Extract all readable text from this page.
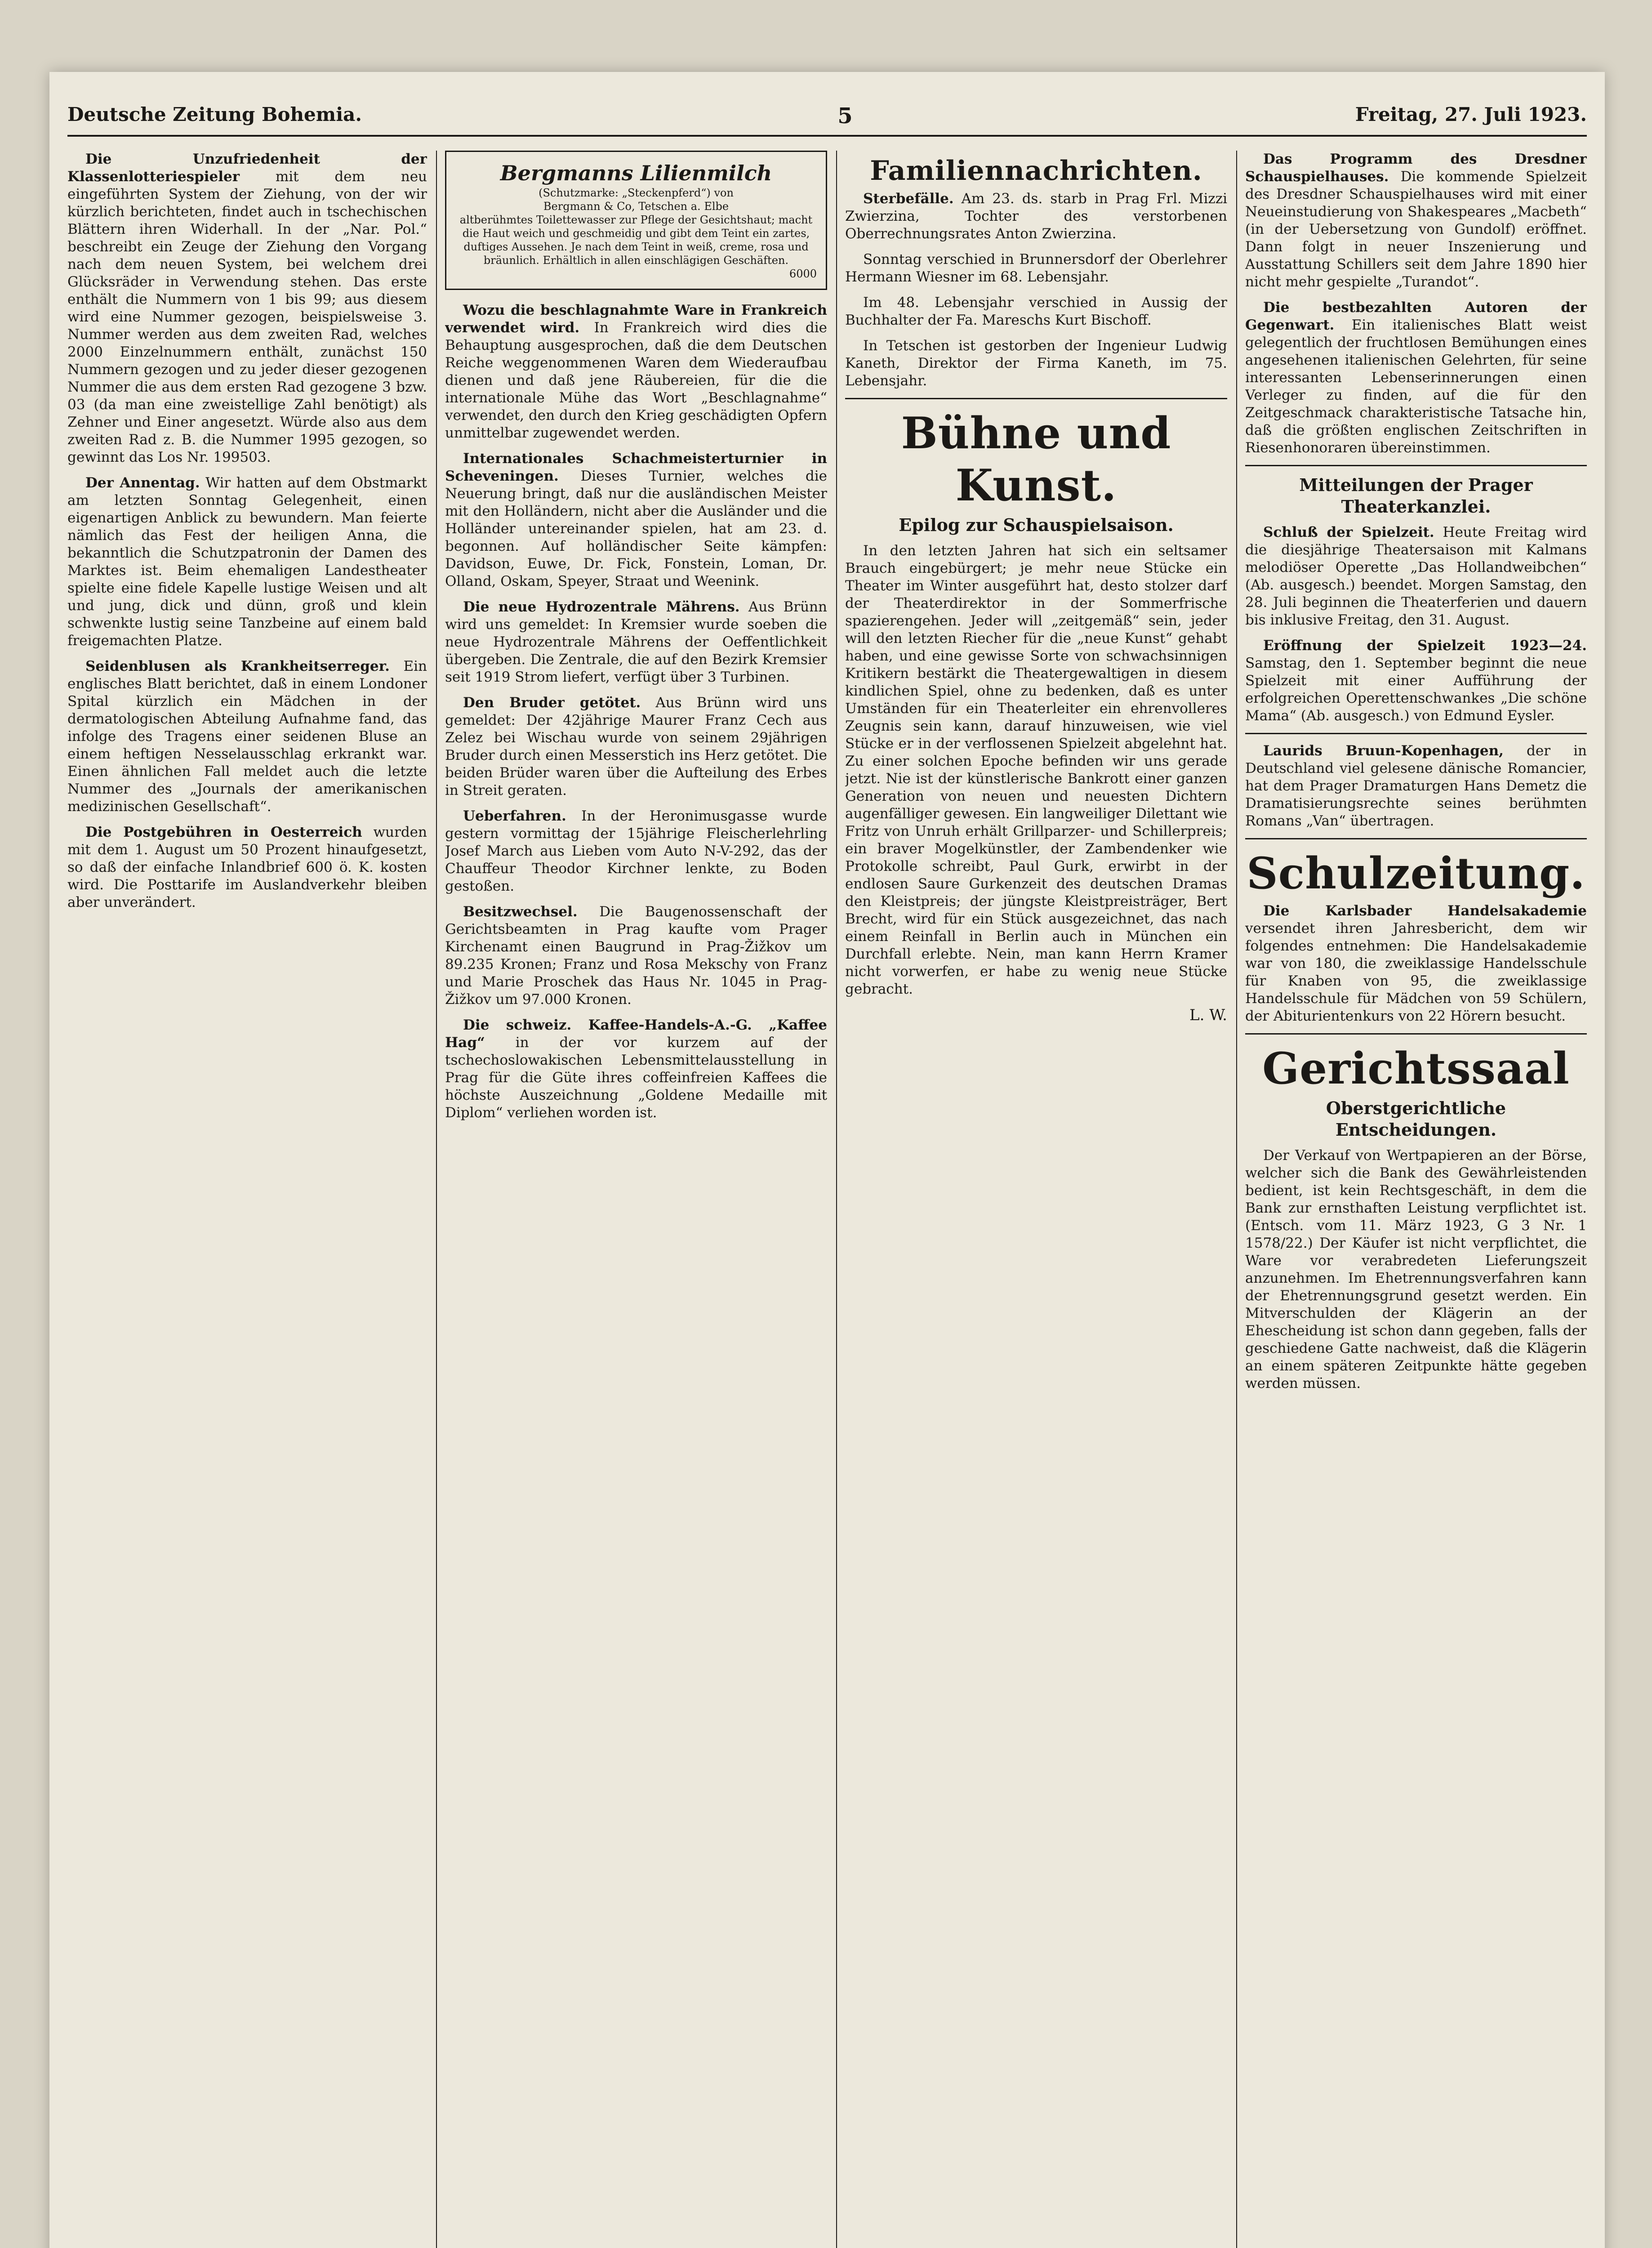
Deutsche Zeitung Bohemia.	5	Freitag, 27. Juli 1923.

Die Unzufriedenheit der Klassenlotteriespieler	mit dem neu eingeführten System der Ziehung, von der wir kürzlich berichteten, findet auch in tschechischen Blättern ihren Widerhall. In der „Nar. Pol.“ beschreibt ein Zeuge der Ziehung den Vorgang nach dem neuen System, bei welchem drei Glücksräder in Verwendung stehen. Das erste enthält die Nummern von 1 bis 99; aus diesem wird eine Nummer gezogen, beispielsweise 3. Nummer werden aus dem zweiten Rad, welches 2000 Einzelnummern enthält, zunächst 150 Nummern gezogen und zu jeder dieser gezogenen Nummer die aus dem ersten Rad gezogene 3 bzw. 03 (da man eine zweistellige Zahl benötigt) als Zehner und Einer angesetzt. Würde also aus dem zweiten Rad z. B. die Nummer 1995 gezogen, so gewinnt das Los Nr. 199503.

Der Annentag. Wir hatten auf dem Obstmarkt am letzten Sonntag Gelegenheit, einen eigenartigen Anblick zu bewundern. Man feierte nämlich das Fest der heiligen Anna, die bekanntlich die Schutzpatronin der Damen des Marktes ist. Beim ehemaligen Landestheater spielte eine fidele Kapelle lustige Weisen und alt und jung, dick und dünn, groß und klein schwenkte lustig seine Tanzbeine auf einem bald freigemachten Platze.

Seidenblusen als Krankheitserreger. Ein englisches Blatt berichtet, daß in einem Londoner Spital kürzlich ein Mädchen in der dermatologischen Abteilung Aufnahme fand, das infolge des Tragens einer seidenen Bluse an einem heftigen Nesselausschlag erkrankt war. Einen ähnlichen Fall meldet auch die letzte Nummer des „Journals der amerikanischen medizinischen Gesellschaft“.

Die Postgebühren in Oesterreich wurden mit dem 1. August um 50 Prozent hinaufgesetzt, so daß der einfache Inlandbrief 600 ö. K. kosten wird. Die Posttarife im Auslandverkehr bleiben aber unverändert.

Bergmanns Lilienmilch
(Schutzmarke: „Steckenpferd“) von
Bergmann & Co, Tetschen a. Elbe
altberühmtes Toilettewasser zur Pflege der Gesichtshaut; macht die Haut weich und geschmeidig und gibt dem Teint ein zartes, duftiges Aussehen. Je nach dem Teint in weiß, creme, rosa und bräunlich. Erhältlich in allen einschlägigen Geschäften.
6000

Wozu die beschlagnahmte Ware in Frankreich verwendet wird. In Frankreich wird dies die Behauptung ausgesprochen, daß die dem Deutschen Reiche weggenommenen Waren dem Wiederaufbau dienen und daß jene Räubereien, für die die internationale Mühe das Wort „Beschlagnahme“ verwendet, den durch den Krieg geschädigten Opfern unmittelbar zugewendet werden.

Internationales Schachmeisterturnier in Scheveningen. Dieses Turnier, welches die Neuerung bringt, daß nur die ausländischen Meister mit den Holländern, nicht aber die Ausländer und die Holländer untereinander spielen, hat am 23. d. begonnen. Auf holländischer Seite kämpfen: Davidson, Euwe, Dr. Fick, Fonstein, Loman, Dr. Olland, Oskam, Speyer, Straat und Weenink.

Die neue Hydrozentrale Mährens. Aus Brünn wird uns gemeldet: In Kremsier wurde soeben die neue Hydrozentrale Mährens der Oeffentlichkeit übergeben. Die Zentrale, die auf den Bezirk Kremsier seit 1919 Strom liefert, verfügt über 3 Turbinen.

Den Bruder getötet. Aus Brünn wird uns gemeldet: Der 42jährige Maurer Franz Cech aus Zelez bei Wischau wurde von seinem 29jährigen Bruder durch einen Messerstich ins Herz getötet. Die beiden Brüder waren über die Aufteilung des Erbes in Streit geraten.

Ueberfahren. In der Heronimusgasse wurde gestern vormittag der 15jährige Fleischerlehrling Josef March aus Lieben vom Auto N-V-292, das der Chauffeur Theodor Kirchner lenkte, zu Boden gestoßen.

Besitzwechsel. Die Baugenossenschaft der Gerichtsbeamten in Prag kaufte vom Prager Kirchenamt einen Baugrund in Prag-Žižkov um 89.235 Kronen; Franz und Rosa Mekschy von Franz und Marie Proschek das Haus Nr. 1045 in Prag-Žižkov um 97.000 Kronen.

Die schweiz. Kaffee-Handels-A.-G. „Kaffee Hag“ in der vor kurzem auf der tschechoslowakischen Lebensmittelausstellung in Prag für die Güte ihres coffeinfreien Kaffees die höchste Auszeichnung „Goldene Medaille mit Diplom“ verliehen worden ist.

Familiennachrichten.

Sterbefälle. Am 23. ds. starb in Prag Frl. Mizzi Zwierzina, Tochter des verstorbenen Oberrechnungsrates Anton Zwierzina.

Sonntag verschied in Brunnersdorf der Oberlehrer Hermann Wiesner im 68. Lebensjahr.

Im 48. Lebensjahr verschied in Aussig der Buchhalter der Fa. Mareschs Kurt Bischoff.

In Tetschen ist gestorben der Ingenieur Ludwig Kaneth, Direktor der Firma Kaneth, im 75. Lebensjahr.

Bühne und Kunst.
Epilog zur Schauspielsaison.

In den letzten Jahren hat sich ein seltsamer Brauch eingebürgert; je mehr neue Stücke ein Theater im Winter ausgeführt hat, desto stolzer darf der Theaterdirektor in der Sommerfrische spazierengehen. Jeder will „zeitgemäß“ sein, jeder will den letzten Riecher für die „neue Kunst“ gehabt haben, und eine gewisse Sorte von schwachsinnigen Kritikern bestärkt die Theatergewaltigen in diesem kindlichen Spiel, ohne zu bedenken, daß es unter Umständen für ein Theaterleiter ein ehrenvolleres Zeugnis sein kann, darauf hinzuweisen, wie viel Stücke er in der verflossenen Spielzeit abgelehnt hat. Zu einer solchen Epoche befinden wir uns gerade jetzt. Nie ist der künstlerische Bankrott einer ganzen Generation von neuen und neuesten Dichtern augenfälliger gewesen. Ein langweiliger Dilettant wie Fritz von Unruh erhält Grillparzer- und Schillerpreis; ein braver Mogelkünstler, der Zambendenker wie Protokolle schreibt, Paul Gurk, erwirbt in der endlosen Saure Gurkenzeit des deutschen Dramas den Kleistpreis; der jüngste Kleistpreisträger, Bert Brecht, wird für ein Stück ausgezeichnet, das nach einem Reinfall in Berlin auch in München ein Durchfall erlebte. Nein, man kann Herrn Kramer nicht vorwerfen, er habe zu wenig neue Stücke gebracht.

L. W.

Das Programm des Dresdner Schauspielhauses. Die kommende Spielzeit des Dresdner Schauspielhauses wird mit einer Neueinstudierung von Shakespeares „Macbeth“ (in der Uebersetzung von Gundolf) eröffnet. Dann folgt in neuer Inszenierung und Ausstattung Schillers seit dem Jahre 1890 hier nicht mehr gespielte „Turandot“.

Die bestbezahlten Autoren der Gegenwart. Ein italienisches Blatt weist gelegentlich der fruchtlosen Bemühungen eines angesehenen italienischen Gelehrten, für seine interessanten Lebenserinnerungen einen Verleger zu finden, auf die für den Zeitgeschmack charakteristische Tatsache hin, daß die größten englischen Zeitschriften in Riesenhonoraren übereinstimmen.

Mitteilungen der Prager Theaterkanzlei.

Schluß der Spielzeit. Heute Freitag wird die diesjährige Theatersaison mit Kalmans melodiöser Operette „Das Hollandweibchen“ (Ab. ausgesch.) beendet. Morgen Samstag, den 28. Juli beginnen die Theaterferien und dauern bis inklusive Freitag, den 31. August.

Eröffnung der Spielzeit 1923—24. Samstag, den 1. September beginnt die neue Spielzeit mit einer Aufführung der erfolgreichen Operettenschwankes „Die schöne Mama“ (Ab. ausgesch.) von Edmund Eysler.

Laurids Bruun-Kopenhagen, der in Deutschland viel gelesene dänische Romancier, hat dem Prager Dramaturgen Hans Demetz die Dramatisierungsrechte seines berühmten Romans „Van“ übertragen.

Schulzeitung.

Die Karlsbader Handelsakademie versendet ihren Jahresbericht, dem wir folgendes entnehmen: Die Handelsakademie war von 180, die zweiklassige Handelsschule für Knaben von 95, die zweiklassige Handelsschule für Mädchen von 59 Schülern, der Abiturientenkurs von 22 Hörern besucht.

Gerichtssaal
Oberstgerichtliche Entscheidungen.

Der Verkauf von Wertpapieren an der Börse, welcher sich die Bank des Gewährleistenden bedient, ist kein Rechtsgeschäft, in dem die Bank zur ernsthaften Leistung verpflichtet ist. (Entsch. vom 11. März 1923, G 3 Nr. 1 1578/22.) Der Käufer ist nicht verpflichtet, die Ware vor verabredeten Lieferungszeit anzunehmen. Im Ehetrennungsverfahren kann der Ehetrennungsgrund gesetzt werden. Ein Mitverschulden der Klägerin an der Ehescheidung ist schon dann gegeben, falls der geschiedene Gatte nachweist, daß die Klägerin an einem späteren Zeitpunkte hätte gegeben werden müssen.
